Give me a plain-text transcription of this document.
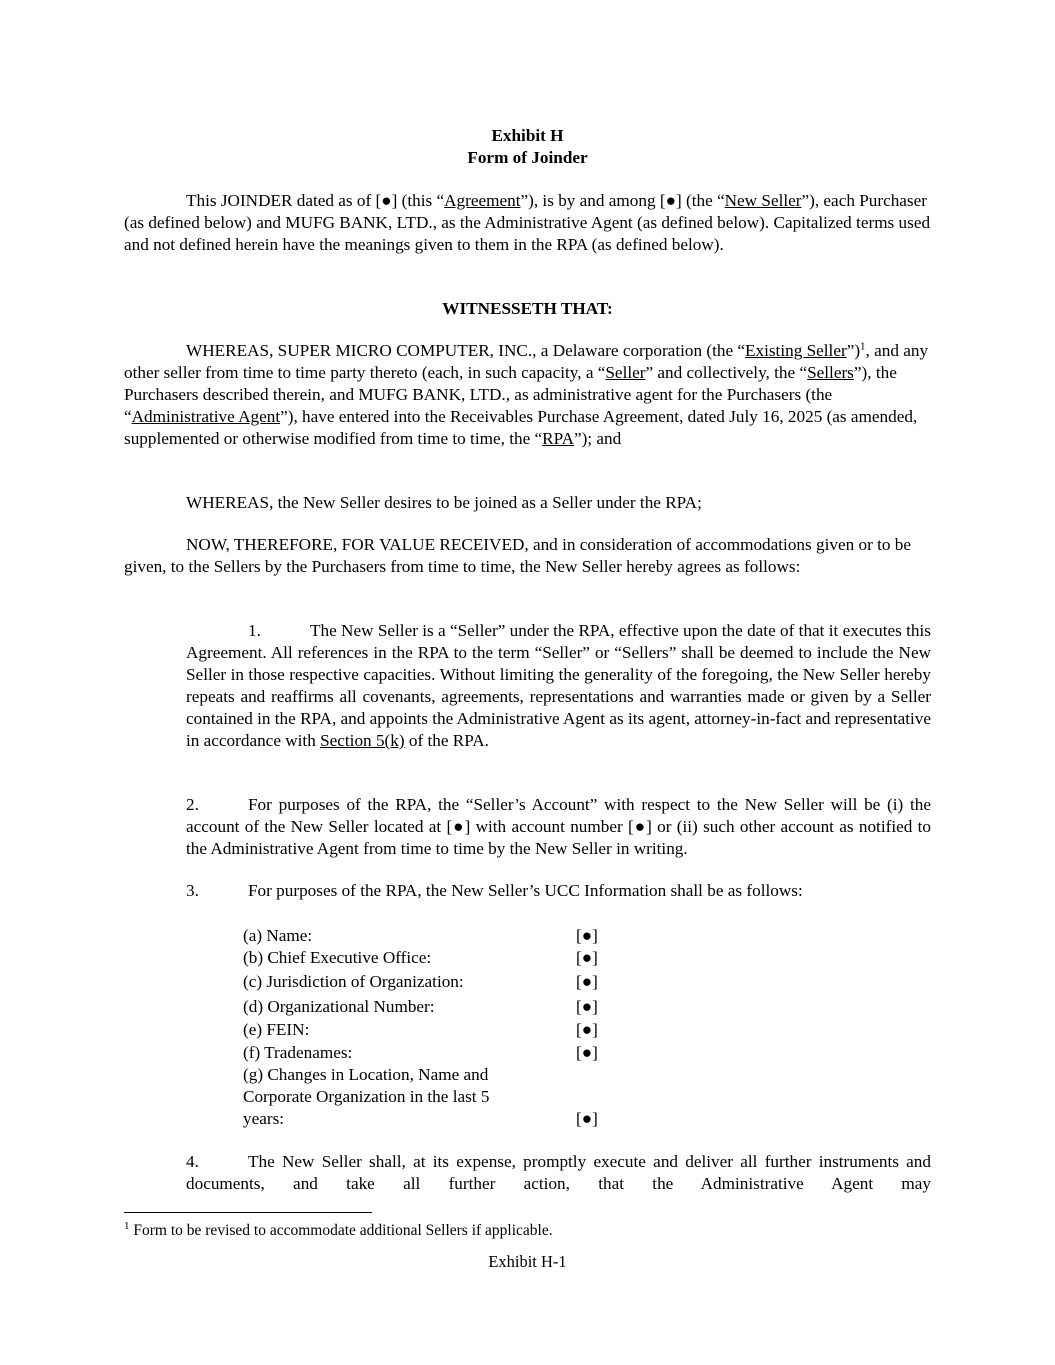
Exhibit H
Form of Joinder

This JOINDER dated as of [●] (this “Agreement”), is by and among [●] (the “New Seller”), each Purchaser (as defined below) and MUFG BANK, LTD., as the Administrative Agent (as defined below). Capitalized terms used and not defined herein have the meanings given to them in the RPA (as defined below).

WITNESSETH THAT:

WHEREAS, SUPER MICRO COMPUTER, INC., a Delaware corporation (the “Existing Seller”)$^1$, and any other seller from time to time party thereto (each, in such capacity, a “Seller” and collectively, the “Sellers”), the Purchasers described therein, and MUFG BANK, LTD., as administrative agent for the Purchasers (the “Administrative Agent”), have entered into the Receivables Purchase Agreement, dated July 16, 2025 (as amended, supplemented or otherwise modified from time to time, the “RPA”); and

WHEREAS, the New Seller desires to be joined as a Seller under the RPA;

NOW, THEREFORE, FOR VALUE RECEIVED, and in consideration of accommodations given or to be given, to the Sellers by the Purchasers from time to time, the New Seller hereby agrees as follows:

1.	The New Seller is a “Seller” under the RPA, effective upon the date of that it executes this Agreement. All references in the RPA to the term “Seller” or “Sellers” shall be deemed to include the New Seller in those respective capacities. Without limiting the generality of the foregoing, the New Seller hereby repeats and reaffirms all covenants, agreements, representations and warranties made or given by a Seller contained in the RPA, and appoints the Administrative Agent as its agent, attorney-in-fact and representative in accordance with Section 5(k) of the RPA.

2.	For purposes of the RPA, the “Seller’s Account” with respect to the New Seller will be (i) the account of the New Seller located at [●] with account number [●] or (ii) such other account as notified to the Administrative Agent from time to time by the New Seller in writing.

3.	For purposes of the RPA, the New Seller’s UCC Information shall be as follows:

(a) Name:	[●]
(b) Chief Executive Office:	[●]
(c) Jurisdiction of Organization:	[●]
(d) Organizational Number:	[●]
(e) FEIN:	[●]
(f) Tradenames:	[●]
(g) Changes in Location, Name and
Corporate Organization in the last 5
years:	[●]

4.	The New Seller shall, at its expense, promptly execute and deliver all further instruments and documents, and take all further action, that the Administrative Agent may

$^1$ Form to be revised to accommodate additional Sellers if applicable.
Exhibit H-1
